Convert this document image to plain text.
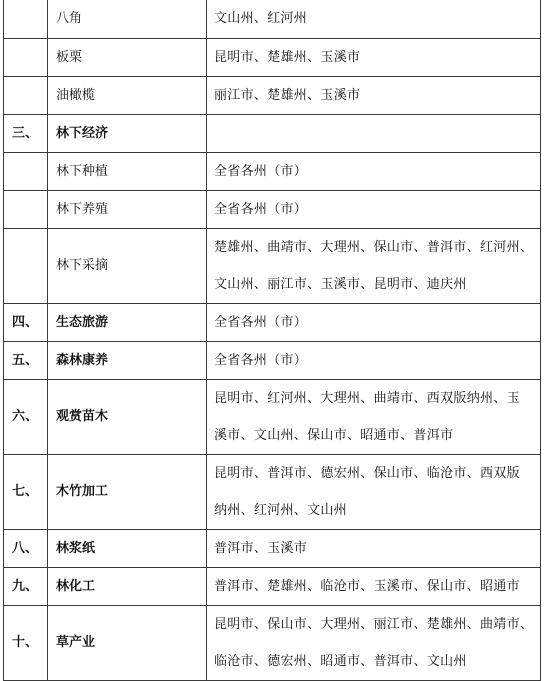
	八角	文山州、红河州

	板栗	昆明市、楚雄州、玉溪市

	油橄榄	丽江市、楚雄州、玉溪市

三、	林下经济	
	林下种植	全省各州（市）

	林下养殖	全省各州（市）

	林下采摘	楚雄州、曲靖市、大理州、保山市、普洱市、红河州、
文山州、丽江市、玉溪市、昆明市、迪庆州

四、	生态旅游	全省各州（市）

五、	森林康养	全省各州（市）

六、	观赏苗木	昆明市、红河州、大理州、曲靖市、西双版纳州、玉
溪市、文山州、保山市、昭通市、普洱市

七、	木竹加工	昆明市、普洱市、德宏州、保山市、临沧市、西双版
纳州、红河州、文山州

八、	林浆纸	普洱市、玉溪市

九、	林化工	普洱市、楚雄州、临沧市、玉溪市、保山市、昭通市

十、	草产业	昆明市、保山市、大理州、丽江市、楚雄州、曲靖市、
临沧市、德宏州、昭通市、普洱市、文山州
